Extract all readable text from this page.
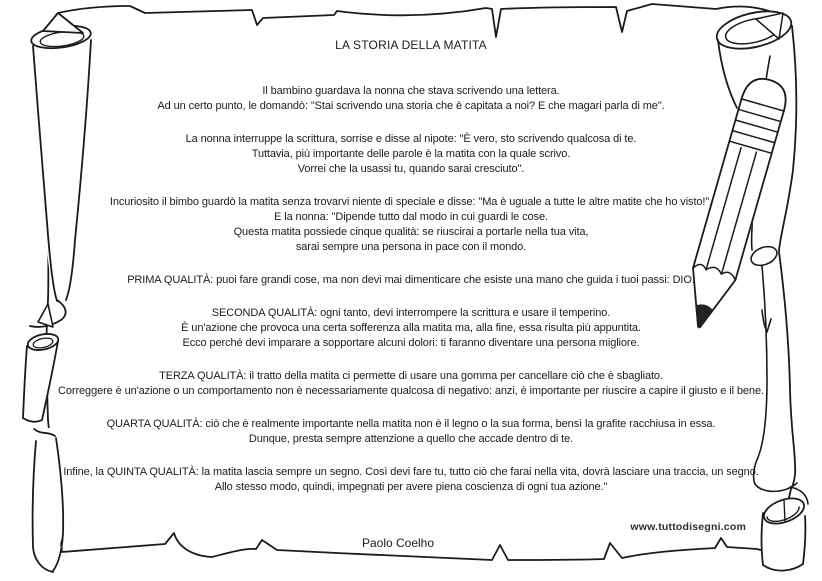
LA STORIA DELLA MATITA
Il bambino guardava la nonna che stava scrivendo una lettera.
Ad un certo punto, le domandò: "Stai scrivendo una storia che è capitata a noi? E che magari parla di me".
La nonna interruppe la scrittura, sorrise e disse al nipote: "È vero, sto scrivendo qualcosa di te.
Tuttavia, più importante delle parole è la matita con la quale scrivo.
Vorrei che la usassi tu, quando sarai cresciuto".
Incuriosito il bimbo guardò la matita senza trovarvi niente di speciale e disse: "Ma è uguale a tutte le altre matite che ho visto!".
E la nonna: "Dipende tutto dal modo in cui guardi le cose.
Questa matita possiede cinque qualità: se riuscirai a portarle nella tua vita,
sarai sempre una persona in pace con il mondo.
PRIMA QUALITÀ: puoi fare grandi cose, ma non devi mai dimenticare che esiste una mano che guida i tuoi passi: DIO.
SECONDA QUALITÀ: ogni tanto, devi interrompere la scrittura e usare il temperino.
È un'azione che provoca una certa sofferenza alla matita ma, alla fine, essa risulta più appuntita.
Ecco perché devi imparare a sopportare alcuni dolori: ti faranno diventare una persona migliore.
TERZA QUALITÀ: il tratto della matita ci permette di usare una gomma per cancellare ciò che è sbagliato.
Correggere è un'azione o un comportamento non è necessariamente qualcosa di negativo: anzi, è importante per riuscire a capire il giusto e il bene.
QUARTA QUALITÀ: ciò che è realmente importante nella matita non è il legno o la sua forma, bensì la grafite racchiusa in essa.
Dunque, presta sempre attenzione a quello che accade dentro di te.
Infine, la QUINTA QUALITÀ: la matita lascia sempre un segno. Così devi fare tu, tutto ciò che farai nella vita, dovrà lasciare una traccia, un segno.
Allo stesso modo, quindi, impegnati per avere piena coscienza di ogni tua azione."
www.tuttodisegni.com
Paolo Coelho
